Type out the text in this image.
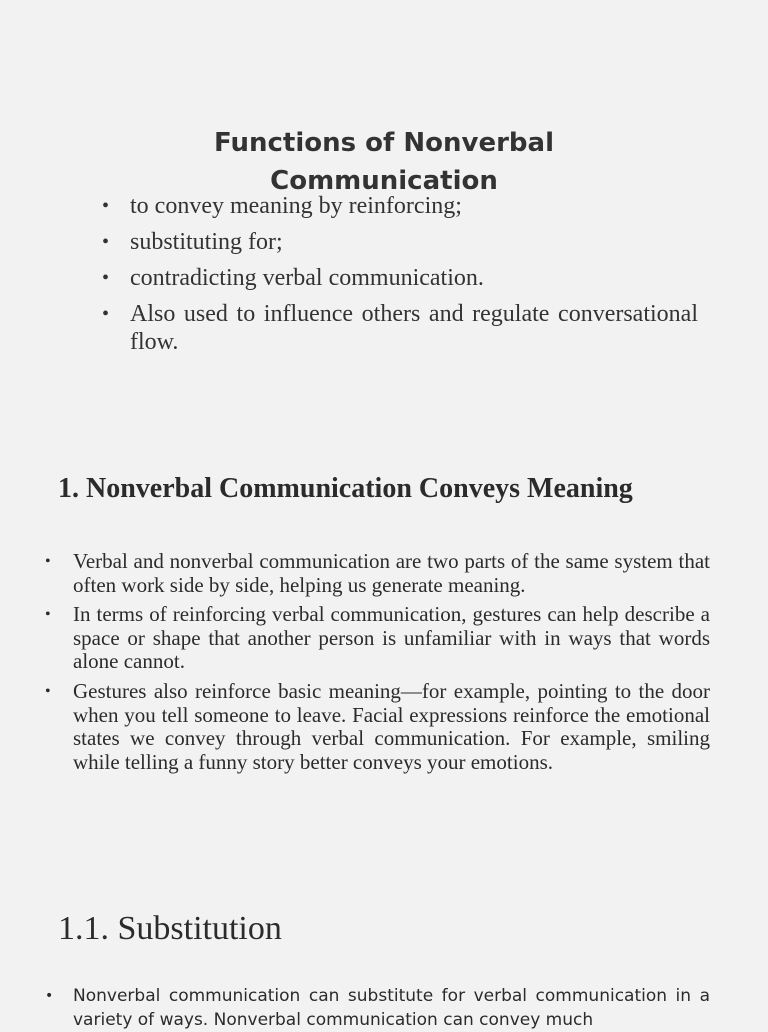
Functions of Nonverbal
Communication
• to convey meaning by reinforcing;
• substituting for;
• contradicting verbal communication.
• Also used to influence others and regulate conversational flow.
1. Nonverbal Communication Conveys Meaning
• Verbal and nonverbal communication are two parts of the same system that often work side by side, helping us generate meaning.
• In terms of reinforcing verbal communication, gestures can help describe a space or shape that another person is unfamiliar with in ways that words alone cannot.
• Gestures also reinforce basic meaning—for example, pointing to the door when you tell someone to leave. Facial expressions reinforce the emotional states we convey through verbal communication. For example, smiling while telling a funny story better conveys your emotions.
1.1. Substitution
• Nonverbal communication can substitute for verbal communication in a variety of ways. Nonverbal communication can convey much
